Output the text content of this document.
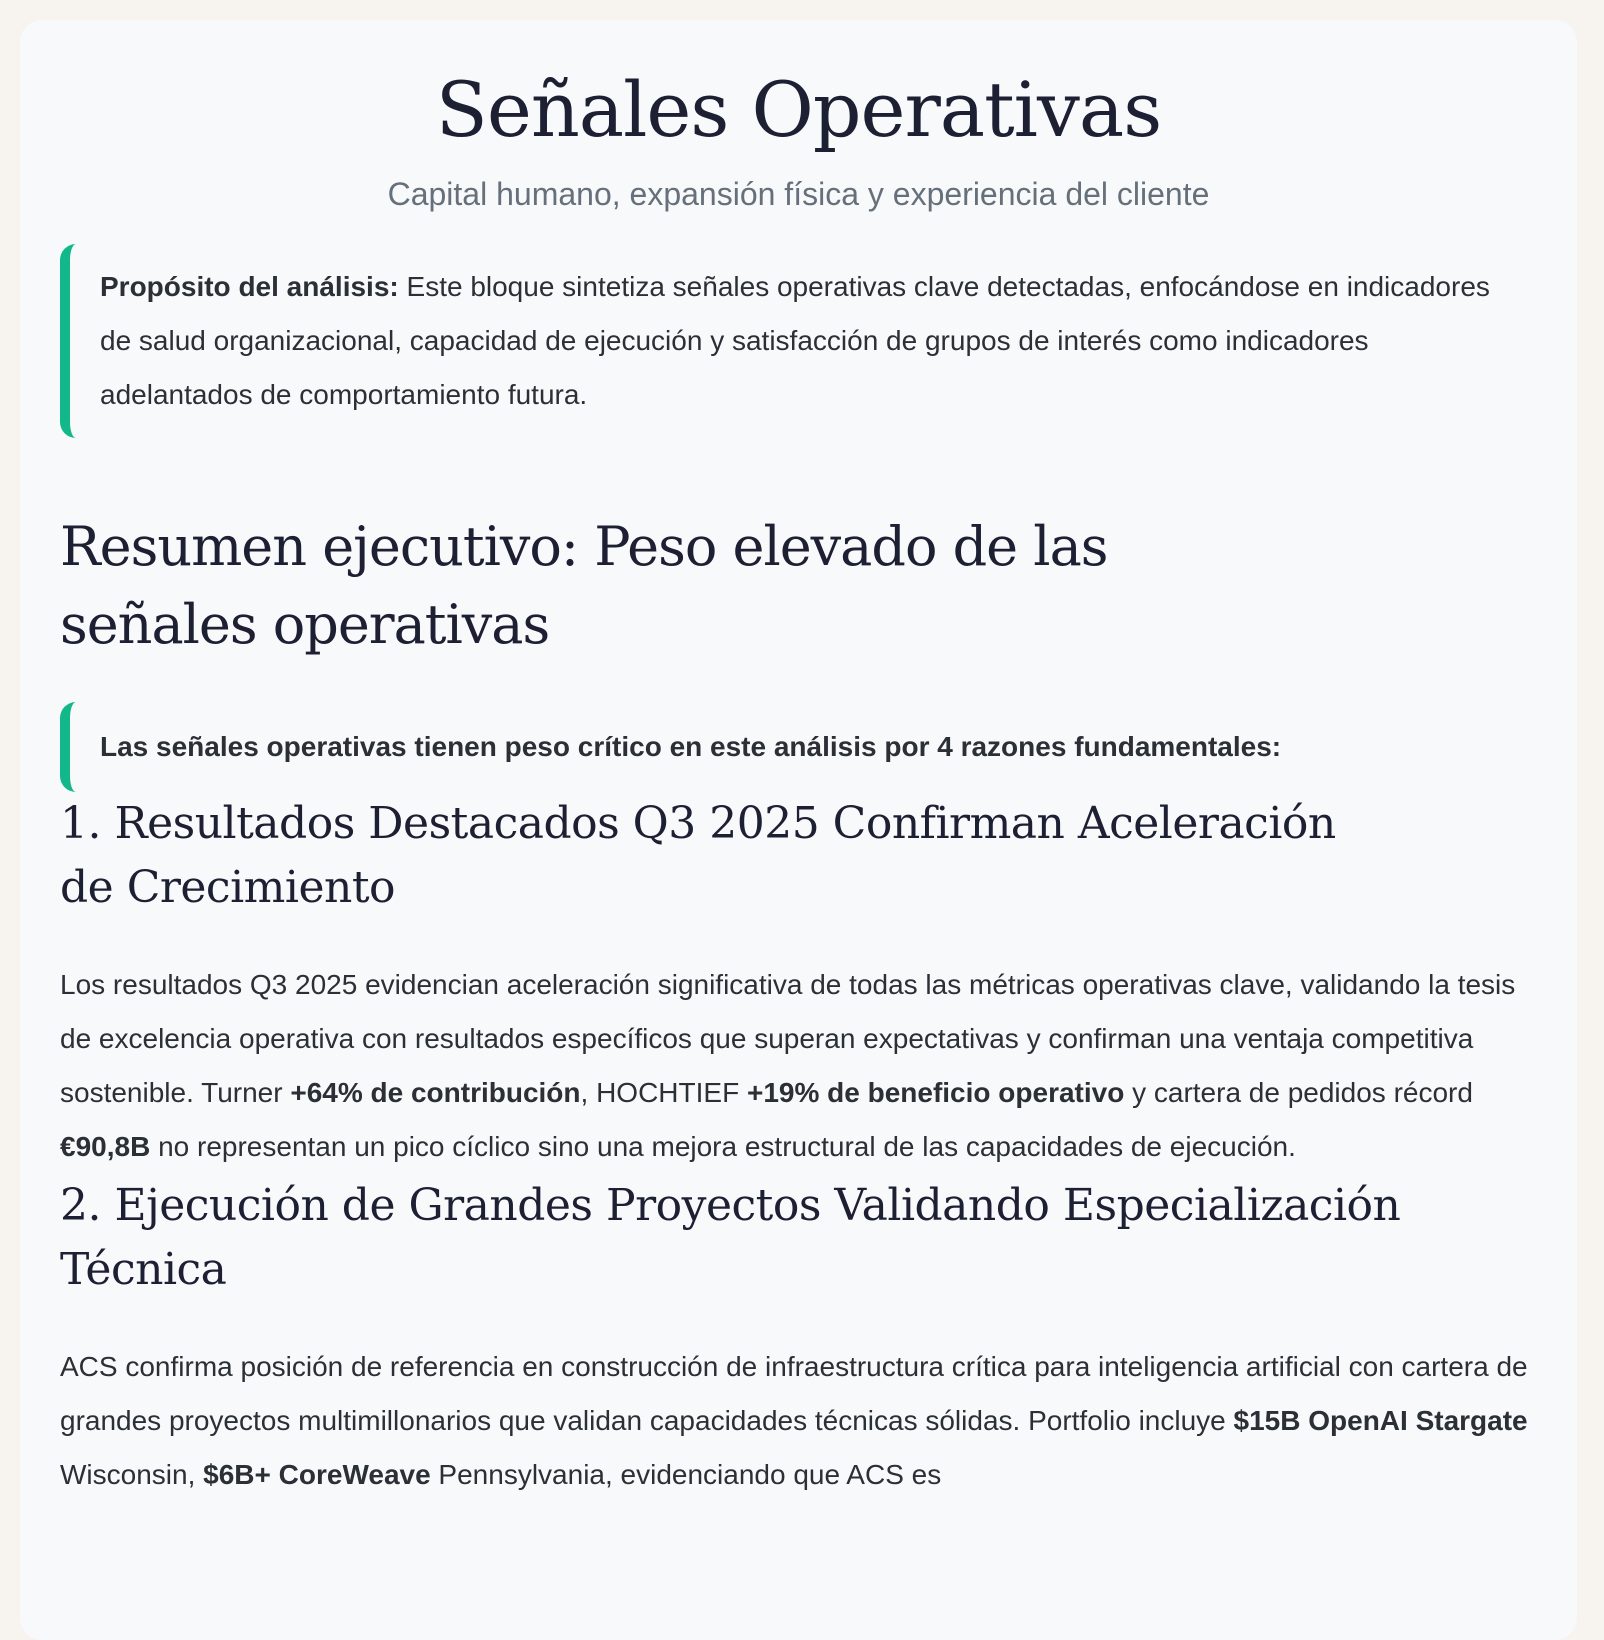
Señales Operativas
Capital humano, expansión física y experiencia del cliente
Propósito del análisis: Este bloque sintetiza señales operativas clave detectadas, enfocándose en indicadores de salud organizacional, capacidad de ejecución y satisfacción de grupos de interés como indicadores adelantados de comportamiento futura.
Resumen ejecutivo: Peso elevado de las señales operativas
Las señales operativas tienen peso crítico en este análisis por 4 razones fundamentales:
1. Resultados Destacados Q3 2025 Confirman Aceleración de Crecimiento

Los resultados Q3 2025 evidencian aceleración significativa de todas las métricas operativas clave, validando la tesis de excelencia operativa con resultados específicos que superan expectativas y confirman una ventaja competitiva sostenible. Turner +64% de contribución, HOCHTIEF +19% de beneficio operativo y cartera de pedidos récord €90,8B no representan un pico cíclico sino una mejora estructural de las capacidades de ejecución.

2. Ejecución de Grandes Proyectos Validando Especialización Técnica

ACS confirma posición de referencia en construcción de infraestructura crítica para inteligencia artificial con cartera de grandes proyectos multimillonarios que validan capacidades técnicas sólidas. Portfolio incluye $15B OpenAI Stargate Wisconsin, $6B+ CoreWeave Pennsylvania, evidenciando que ACS es
